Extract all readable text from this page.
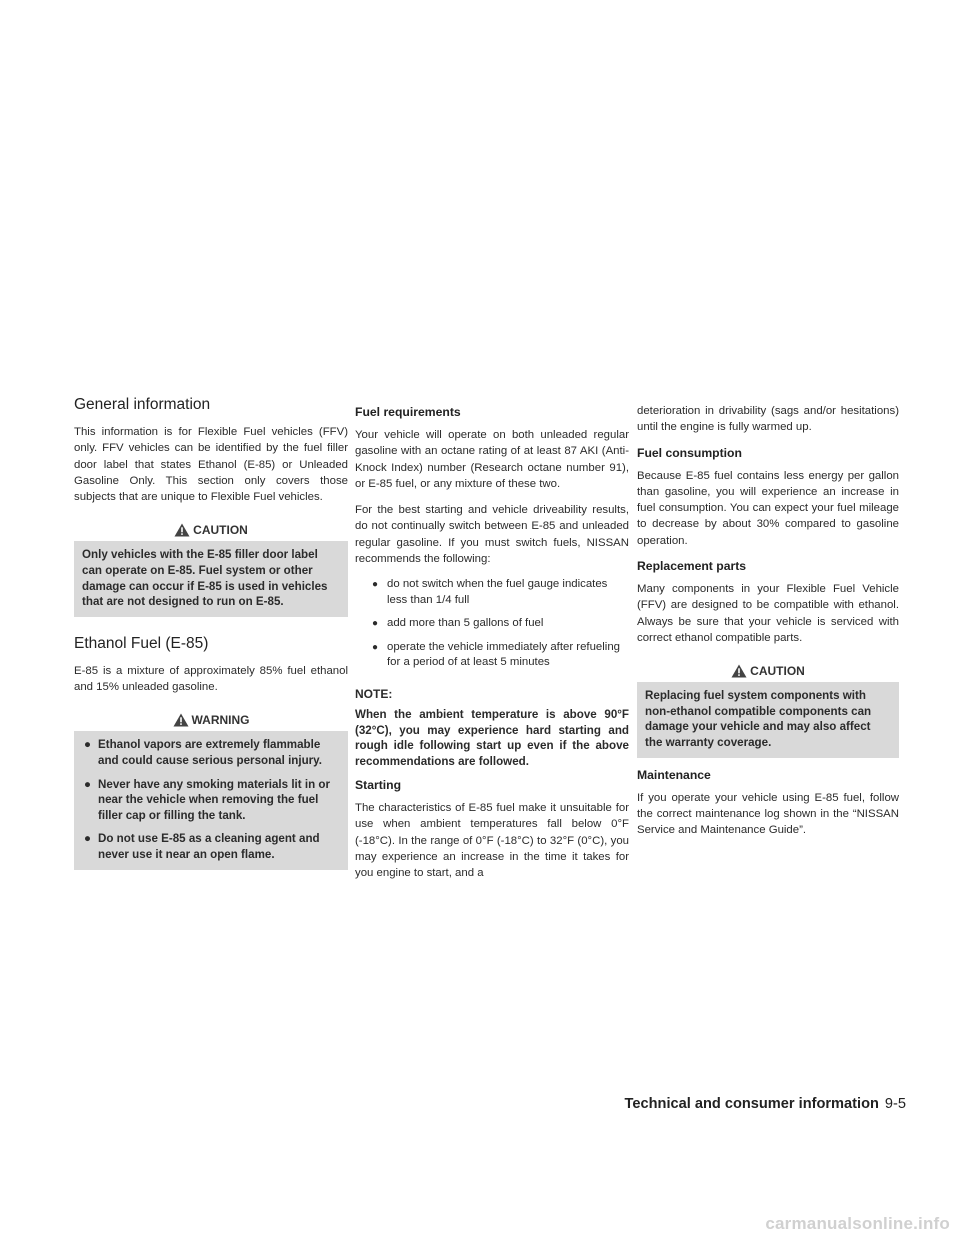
General information

This information is for Flexible Fuel vehicles (FFV) only. FFV vehicles can be identified by the fuel filler door label that states Ethanol (E-85) or Unleaded Gasoline Only. This section only covers those subjects that are unique to Flexible Fuel vehicles.

CAUTION
Only vehicles with the E-85 filler door label can operate on E-85. Fuel system or other damage can occur if E-85 is used in vehicles that are not designed to run on E-85.
Ethanol Fuel (E-85)

E-85 is a mixture of approximately 85% fuel ethanol and 15% unleaded gasoline.

WARNING
● Ethanol vapors are extremely flammable and could cause serious personal injury.
● Never have any smoking materials lit in or near the vehicle when removing the fuel filler cap or filling the tank.
● Do not use E-85 as a cleaning agent and never use it near an open flame.
Fuel requirements

Your vehicle will operate on both unleaded regular gasoline with an octane rating of at least 87 AKI (Anti-Knock Index) number (Research octane number 91), or E-85 fuel, or any mixture of these two.

For the best starting and vehicle driveability results, do not continually switch between E-85 and unleaded regular gasoline. If you must switch fuels, NISSAN recommends the following:

● do not switch when the fuel gauge indicates less than 1/4 full
● add more than 5 gallons of fuel
● operate the vehicle immediately after refueling for a period of at least 5 minutes
NOTE:
When the ambient temperature is above 90°F (32°C), you may experience hard starting and rough idle following start up even if the above recommendations are followed.
Starting

The characteristics of E-85 fuel make it unsuitable for use when ambient temperatures fall below 0°F (-18°C). In the range of 0°F (-18°C) to 32°F (0°C), you may experience an increase in the time it takes for you engine to start, and a

deterioration in drivability (sags and/or hesitations) until the engine is fully warmed up.

Fuel consumption

Because E-85 fuel contains less energy per gallon than gasoline, you will experience an increase in fuel consumption. You can expect your fuel mileage to decrease by about 30% compared to gasoline operation.

Replacement parts

Many components in your Flexible Fuel Vehicle (FFV) are designed to be compatible with ethanol. Always be sure that your vehicle is serviced with correct ethanol compatible parts.

CAUTION
Replacing fuel system components with non-ethanol compatible components can damage your vehicle and may also affect the warranty coverage.
Maintenance

If you operate your vehicle using E-85 fuel, follow the correct maintenance log shown in the “NISSAN Service and Maintenance Guide”.

Technical and consumer information 9-5
carmanualsonline.info
